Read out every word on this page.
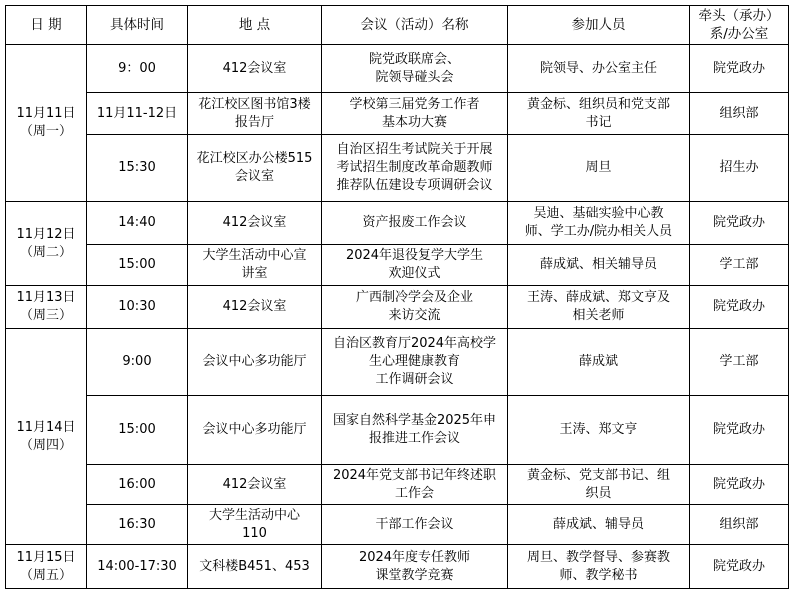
日 期	具体时间	地 点	会议（活动）名称	参加人员	牵头（承办）
系/办公室
11月11日
（周一）	9：00	412会议室	院党政联席会、
院领导碰头会	院领导、办公室主任	院党政办
	11月11-12日	花江校区图书馆3楼
报告厅	学校第三届党务工作者
基本功大赛	黄金标、组织员和党支部
书记	组织部
	15:30	花江校区办公楼515
会议室	自治区招生考试院关于开展
考试招生制度改革命题教师
推荐队伍建设专项调研会议	周旦	招生办
11月12日
（周二）	14:40	412会议室	资产报废工作会议	吴迪、基础实验中心教
师、学工办/院办相关人员	院党政办
	15:00	大学生活动中心宣
讲室	2024年退役复学大学生
欢迎仪式	薛成斌、相关辅导员	学工部
11月13日
（周三）	10:30	412会议室	广西制冷学会及企业
来访交流	王涛、薛成斌、郑文亨及
相关老师	院党政办
11月14日
（周四）	9:00	会议中心多功能厅	自治区教育厅2024年高校学
生心理健康教育
工作调研会议	薛成斌	学工部
	15:00	会议中心多功能厅	国家自然科学基金2025年申
报推进工作会议	王涛、郑文亨	院党政办
	16:00	412会议室	2024年党支部书记年终述职
工作会	黄金标、党支部书记、组
织员	院党政办
	16:30	大学生活动中心
110	干部工作会议	薛成斌、辅导员	组织部
11月15日
（周五）	14:00-17:30	文科楼B451、453	2024年度专任教师
课堂教学竞赛	周旦、教学督导、参赛教
师、教学秘书	院党政办
